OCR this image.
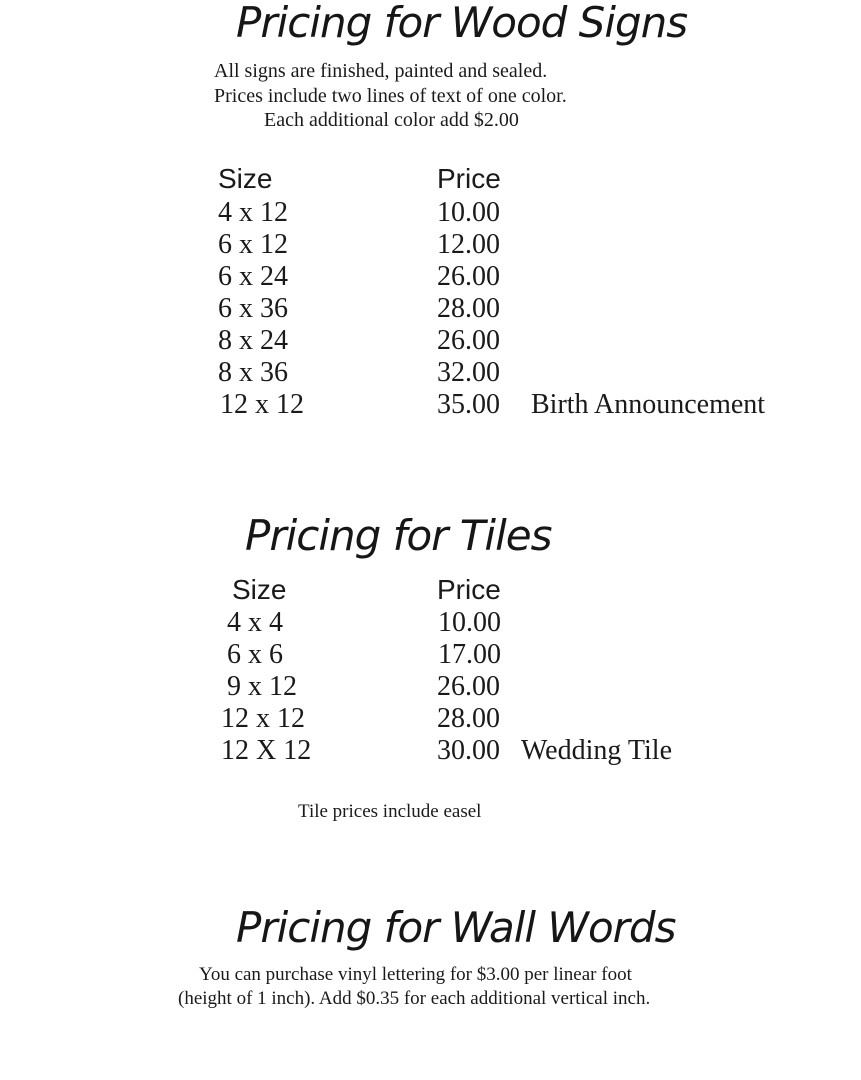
Pricing for Wood Signs
All signs are finished, painted and sealed.
Prices include two lines of text of one color.
Each additional color add $2.00
Size	Price
4 x 12	10.00
6 x 12	12.00
6 x 24	26.00
6 x 36	28.00
8 x 24	26.00
8 x 36	32.00
12 x 12	35.00 Birth Announcement
Pricing for Tiles
Size	Price
4 x 4	10.00
6 x 6	17.00
9 x 12	26.00
12 x 12	28.00
12 X 12	30.00 Wedding Tile
Tile prices include easel
Pricing for Wall Words
You can purchase vinyl lettering for $3.00 per linear foot
(height of 1 inch). Add $0.35 for each additional vertical inch.
